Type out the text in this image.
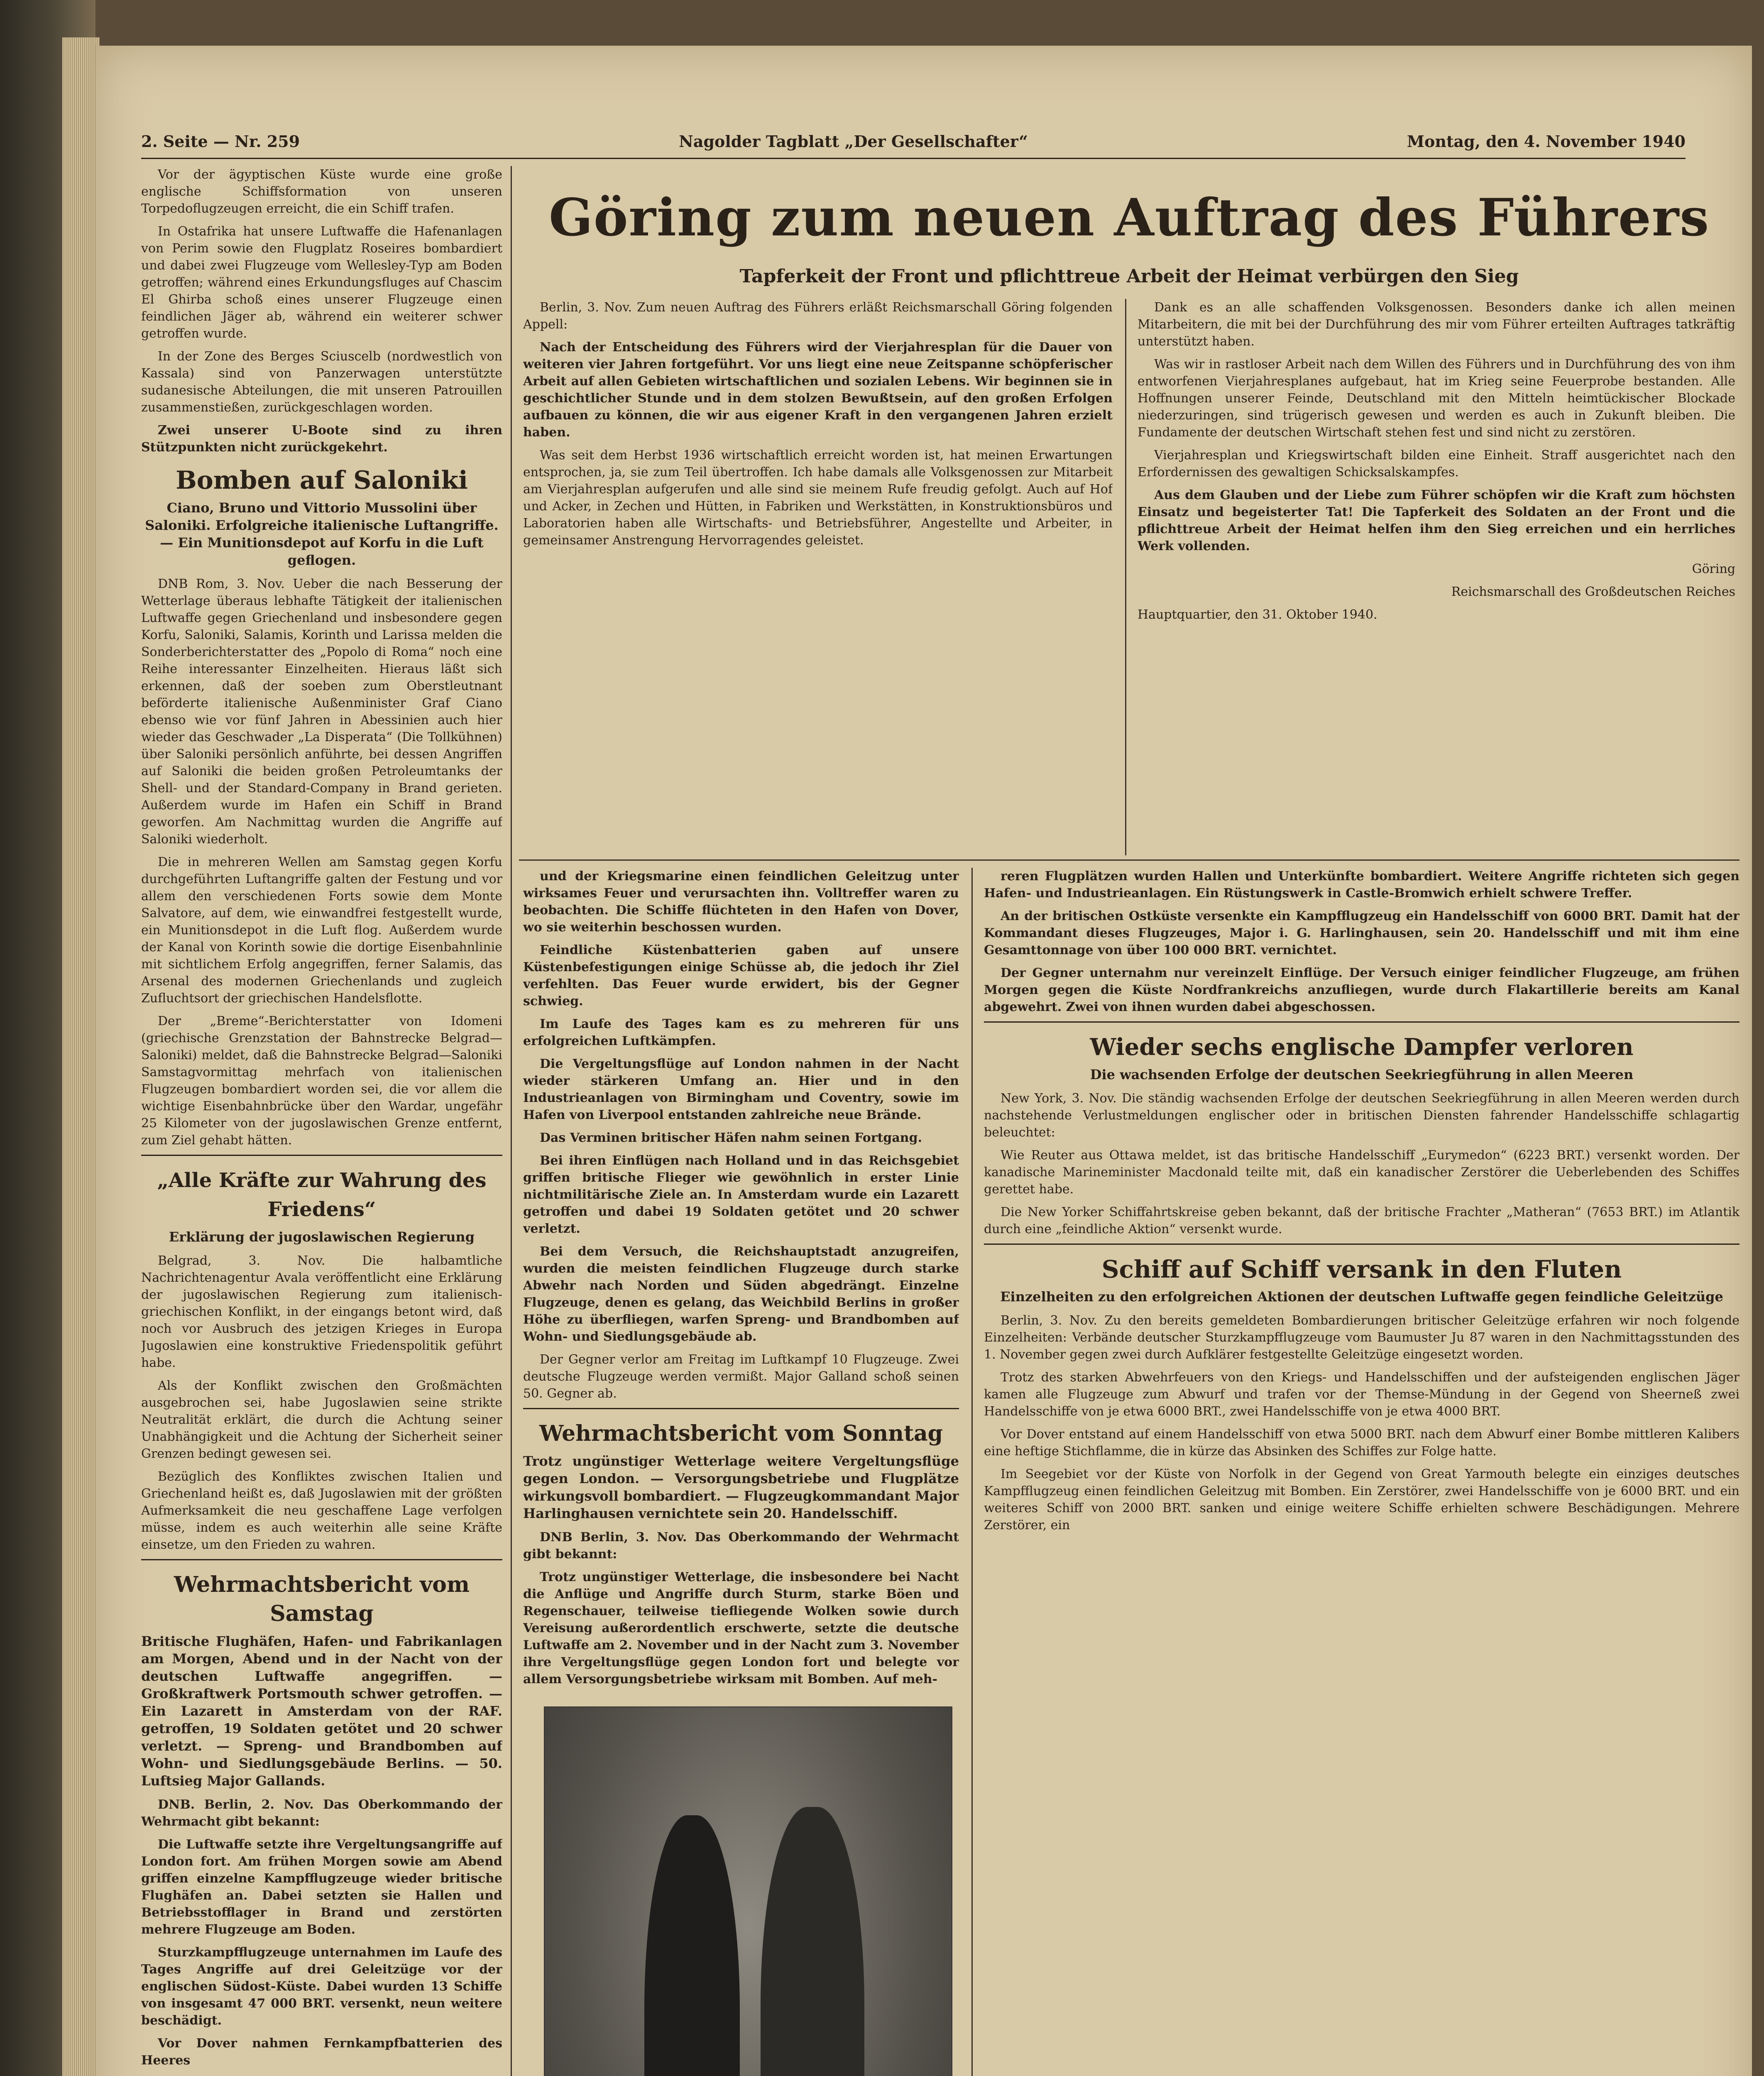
2. Seite — Nr. 259	Nagolder Tagblatt „Der Gesellschafter“	Montag, den 4. November 1940

Vor der ägyptischen Küste wurde eine große englische Schiffsformation von unseren Torpedoflugzeugen erreicht, die ein Schiff trafen.

In Ostafrika hat unsere Luftwaffe die Hafenanlagen von Perim sowie den Flugplatz Roseires bombardiert und dabei zwei Flugzeuge vom Wellesley-Typ am Boden getroffen; während eines Erkundungsfluges auf Chascim El Ghirba schoß eines unserer Flugzeuge einen feindlichen Jäger ab, während ein weiterer schwer getroffen wurde.

In der Zone des Berges Sciuscelb (nordwestlich von Kassala) sind von Panzerwagen unterstützte sudanesische Abteilungen, die mit unseren Patrouillen zusammenstießen, zurückgeschlagen worden.

Zwei unserer U-Boote sind zu ihren Stützpunkten nicht zurückgekehrt.

Bomben auf Saloniki
Ciano, Bruno und Vittorio Mussolini über Saloniki. Erfolgreiche italienische Luftangriffe. — Ein Munitionsdepot auf Korfu in die Luft geflogen.

DNB Rom, 3. Nov. Ueber die nach Besserung der Wetterlage überaus lebhafte Tätigkeit der italienischen Luftwaffe gegen Griechenland und insbesondere gegen Korfu, Saloniki, Salamis, Korinth und Larissa melden die Sonderberichterstatter des „Popolo di Roma“ noch eine Reihe interessanter Einzelheiten. Hieraus läßt sich erkennen, daß der soeben zum Oberstleutnant beförderte italienische Außenminister Graf Ciano ebenso wie vor fünf Jahren in Abessinien auch hier wieder das Geschwader „La Disperata“ (Die Tollkühnen) über Saloniki persönlich anführte, bei dessen Angriffen auf Saloniki die beiden großen Petroleumtanks der Shell- und der Standard-Company in Brand gerieten. Außerdem wurde im Hafen ein Schiff in Brand geworfen. Am Nachmittag wurden die Angriffe auf Saloniki wiederholt.

Die in mehreren Wellen am Samstag gegen Korfu durchgeführten Luftangriffe galten der Festung und vor allem den verschiedenen Forts sowie dem Monte Salvatore, auf dem, wie einwandfrei festgestellt wurde, ein Munitionsdepot in die Luft flog. Außerdem wurde der Kanal von Korinth sowie die dortige Eisenbahnlinie mit sichtlichem Erfolg angegriffen, ferner Salamis, das Arsenal des modernen Griechenlands und zugleich Zufluchtsort der griechischen Handelsflotte.

Der „Breme“-Berichterstatter von Idomeni (griechische Grenzstation der Bahnstrecke Belgrad—Saloniki) meldet, daß die Bahnstrecke Belgrad—Saloniki Samstagvormittag mehrfach von italienischen Flugzeugen bombardiert worden sei, die vor allem die wichtige Eisenbahnbrücke über den Wardar, ungefähr 25 Kilometer von der jugoslawischen Grenze entfernt, zum Ziel gehabt hätten.

„Alle Kräfte zur Wahrung des Friedens“
Erklärung der jugoslawischen Regierung

Belgrad, 3. Nov. Die halbamtliche Nachrichtenagentur Avala veröffentlicht eine Erklärung der jugoslawischen Regierung zum italienisch-griechischen Konflikt, in der eingangs betont wird, daß noch vor Ausbruch des jetzigen Krieges in Europa Jugoslawien eine konstruktive Friedenspolitik geführt habe.

Als der Konflikt zwischen den Großmächten ausgebrochen sei, habe Jugoslawien seine strikte Neutralität erklärt, die durch die Achtung seiner Unabhängigkeit und die Achtung der Sicherheit seiner Grenzen bedingt gewesen sei.

Bezüglich des Konfliktes zwischen Italien und Griechenland heißt es, daß Jugoslawien mit der größten Aufmerksamkeit die neu geschaffene Lage verfolgen müsse, indem es auch weiterhin alle seine Kräfte einsetze, um den Frieden zu wahren.

Wehrmachtsbericht vom Samstag
Britische Flughäfen, Hafen- und Fabrikanlagen am Morgen, Abend und in der Nacht von der deutschen Luftwaffe angegriffen. — Großkraftwerk Portsmouth schwer getroffen. — Ein Lazarett in Amsterdam von der RAF. getroffen, 19 Soldaten getötet und 20 schwer verletzt. — Spreng- und Brandbomben auf Wohn- und Siedlungsgebäude Berlins. — 50. Luftsieg Major Gallands.

DNB. Berlin, 2. Nov. Das Oberkommando der Wehrmacht gibt bekannt:

Die Luftwaffe setzte ihre Vergeltungsangriffe auf London fort. Am frühen Morgen sowie am Abend griffen einzelne Kampfflugzeuge wieder britische Flughäfen an. Dabei setzten sie Hallen und Betriebsstofflager in Brand und zerstörten mehrere Flugzeuge am Boden.

Sturzkampfflugzeuge unternahmen im Laufe des Tages Angriffe auf drei Geleitzüge vor der englischen Südost-Küste. Dabei wurden 13 Schiffe von insgesamt 47 000 BRT. versenkt, neun weitere beschädigt.

Vor Dover nahmen Fernkampfbatterien des Heeres

Göring zum neuen Auftrag des Führers
Tapferkeit der Front und pflichttreue Arbeit der Heimat verbürgen den Sieg

Berlin, 3. Nov. Zum neuen Auftrag des Führers erläßt Reichsmarschall Göring folgenden Appell:

Nach der Entscheidung des Führers wird der Vierjahresplan für die Dauer von weiteren vier Jahren fortgeführt. Vor uns liegt eine neue Zeitspanne schöpferischer Arbeit auf allen Gebieten wirtschaftlichen und sozialen Lebens. Wir beginnen sie in geschichtlicher Stunde und in dem stolzen Bewußtsein, auf den großen Erfolgen aufbauen zu können, die wir aus eigener Kraft in den vergangenen Jahren erzielt haben.

Was seit dem Herbst 1936 wirtschaftlich erreicht worden ist, hat meinen Erwartungen entsprochen, ja, sie zum Teil übertroffen. Ich habe damals alle Volksgenossen zur Mitarbeit am Vierjahresplan aufgerufen und alle sind sie meinem Rufe freudig gefolgt. Auch auf Hof und Acker, in Zechen und Hütten, in Fabriken und Werkstätten, in Konstruktionsbüros und Laboratorien haben alle Wirtschafts- und Betriebsführer, Angestellte und Arbeiter, in gemeinsamer Anstrengung Hervorragendes geleistet.

Dank es an alle schaffenden Volksgenossen. Besonders danke ich allen meinen Mitarbeitern, die mit bei der Durchführung des mir vom Führer erteilten Auftrages tatkräftig unterstützt haben.

Was wir in rastloser Arbeit nach dem Willen des Führers und in Durchführung des von ihm entworfenen Vierjahresplanes aufgebaut, hat im Krieg seine Feuerprobe bestanden. Alle Hoffnungen unserer Feinde, Deutschland mit den Mitteln heimtückischer Blockade niederzuringen, sind trügerisch gewesen und werden es auch in Zukunft bleiben. Die Fundamente der deutschen Wirtschaft stehen fest und sind nicht zu zerstören.

Vierjahresplan und Kriegswirtschaft bilden eine Einheit. Straff ausgerichtet nach den Erfordernissen des gewaltigen Schicksalskampfes.

Aus dem Glauben und der Liebe zum Führer schöpfen wir die Kraft zum höchsten Einsatz und begeisterter Tat! Die Tapferkeit des Soldaten an der Front und die pflichttreue Arbeit der Heimat helfen ihm den Sieg erreichen und ein herrliches Werk vollenden.

Göring

Reichsmarschall des Großdeutschen Reiches

Hauptquartier, den 31. Oktober 1940.

und der Kriegsmarine einen feindlichen Geleitzug unter wirksames Feuer und verursachten ihn. Volltreffer waren zu beobachten. Die Schiffe flüchteten in den Hafen von Dover, wo sie weiterhin beschossen wurden.

Feindliche Küstenbatterien gaben auf unsere Küstenbefestigungen einige Schüsse ab, die jedoch ihr Ziel verfehlten. Das Feuer wurde erwidert, bis der Gegner schwieg.

Im Laufe des Tages kam es zu mehreren für uns erfolgreichen Luftkämpfen.

Die Vergeltungsflüge auf London nahmen in der Nacht wieder stärkeren Umfang an. Hier und in den Industrieanlagen von Birmingham und Coventry, sowie im Hafen von Liverpool entstanden zahlreiche neue Brände.

Das Verminen britischer Häfen nahm seinen Fortgang.

Bei ihren Einflügen nach Holland und in das Reichsgebiet griffen britische Flieger wie gewöhnlich in erster Linie nichtmilitärische Ziele an. In Amsterdam wurde ein Lazarett getroffen und dabei 19 Soldaten getötet und 20 schwer verletzt.

Bei dem Versuch, die Reichshauptstadt anzugreifen, wurden die meisten feindlichen Flugzeuge durch starke Abwehr nach Norden und Süden abgedrängt. Einzelne Flugzeuge, denen es gelang, das Weichbild Berlins in großer Höhe zu überfliegen, warfen Spreng- und Brandbomben auf Wohn- und Siedlungsgebäude ab.

Der Gegner verlor am Freitag im Luftkampf 10 Flugzeuge. Zwei deutsche Flugzeuge werden vermißt. Major Galland schoß seinen 50. Gegner ab.

Wehrmachtsbericht vom Sonntag
Trotz ungünstiger Wetterlage weitere Vergeltungsflüge gegen London. — Versorgungsbetriebe und Flugplätze wirkungsvoll bombardiert. — Flugzeugkommandant Major Harlinghausen vernichtete sein 20. Handelsschiff.

DNB Berlin, 3. Nov. Das Oberkommando der Wehrmacht gibt bekannt:

Trotz ungünstiger Wetterlage, die insbesondere bei Nacht die Anflüge und Angriffe durch Sturm, starke Böen und Regenschauer, teilweise tiefliegende Wolken sowie durch Vereisung außerordentlich erschwerte, setzte die deutsche Luftwaffe am 2. November und in der Nacht zum 3. November ihre Vergeltungsflüge gegen London fort und belegte vor allem Versorgungsbetriebe wirksam mit Bomben. Auf meh-

reren Flugplätzen wurden Hallen und Unterkünfte bombardiert. Weitere Angriffe richteten sich gegen Hafen- und Industrieanlagen. Ein Rüstungswerk in Castle-Bromwich erhielt schwere Treffer.

An der britischen Ostküste versenkte ein Kampfflugzeug ein Handelsschiff von 6000 BRT. Damit hat der Kommandant dieses Flugzeuges, Major i. G. Harlinghausen, sein 20. Handelsschiff und mit ihm eine Gesamttonnage von über 100 000 BRT. vernichtet.

Der Gegner unternahm nur vereinzelt Einflüge. Der Versuch einiger feindlicher Flugzeuge, am frühen Morgen gegen die Küste Nordfrankreichs anzufliegen, wurde durch Flakartillerie bereits am Kanal abgewehrt. Zwei von ihnen wurden dabei abgeschossen.

Wieder sechs englische Dampfer verloren
Die wachsenden Erfolge der deutschen Seekriegführung in allen Meeren

New York, 3. Nov. Die ständig wachsenden Erfolge der deutschen Seekriegführung in allen Meeren werden durch nachstehende Verlustmeldungen englischer oder in britischen Diensten fahrender Handelsschiffe schlagartig beleuchtet:

Wie Reuter aus Ottawa meldet, ist das britische Handelsschiff „Eurymedon“ (6223 BRT.) versenkt worden. Der kanadische Marineminister Macdonald teilte mit, daß ein kanadischer Zerstörer die Ueberlebenden des Schiffes gerettet habe.

Die New Yorker Schiffahrtskreise geben bekannt, daß der britische Frachter „Matheran“ (7653 BRT.) im Atlantik durch eine „feindliche Aktion“ versenkt wurde.

Schiff auf Schiff versank in den Fluten
Einzelheiten zu den erfolgreichen Aktionen der deutschen Luftwaffe gegen feindliche Geleitzüge

Berlin, 3. Nov. Zu den bereits gemeldeten Bombardierungen britischer Geleitzüge erfahren wir noch folgende Einzelheiten: Verbände deutscher Sturzkampfflugzeuge vom Baumuster Ju 87 waren in den Nachmittagsstunden des 1. November gegen zwei durch Aufklärer festgestellte Geleitzüge eingesetzt worden.

Trotz des starken Abwehrfeuers von den Kriegs- und Handelsschiffen und der aufsteigenden englischen Jäger kamen alle Flugzeuge zum Abwurf und trafen vor der Themse-Mündung in der Gegend von Sheerneß zwei Handelsschiffe von je etwa 6000 BRT., zwei Handelsschiffe von je etwa 4000 BRT.

Vor Dover entstand auf einem Handelsschiff von etwa 5000 BRT. nach dem Abwurf einer Bombe mittleren Kalibers eine heftige Stichflamme, die in kürze das Absinken des Schiffes zur Folge hatte.

Im Seegebiet vor der Küste von Norfolk in der Gegend von Great Yarmouth belegte ein einziges deutsches Kampfflugzeug einen feindlichen Geleitzug mit Bomben. Ein Zerstörer, zwei Handelsschiffe von je 6000 BRT. und ein weiteres Schiff von 2000 BRT. sanken und einige weitere Schiffe erhielten schwere Beschädigungen. Mehrere Zerstörer, ein
